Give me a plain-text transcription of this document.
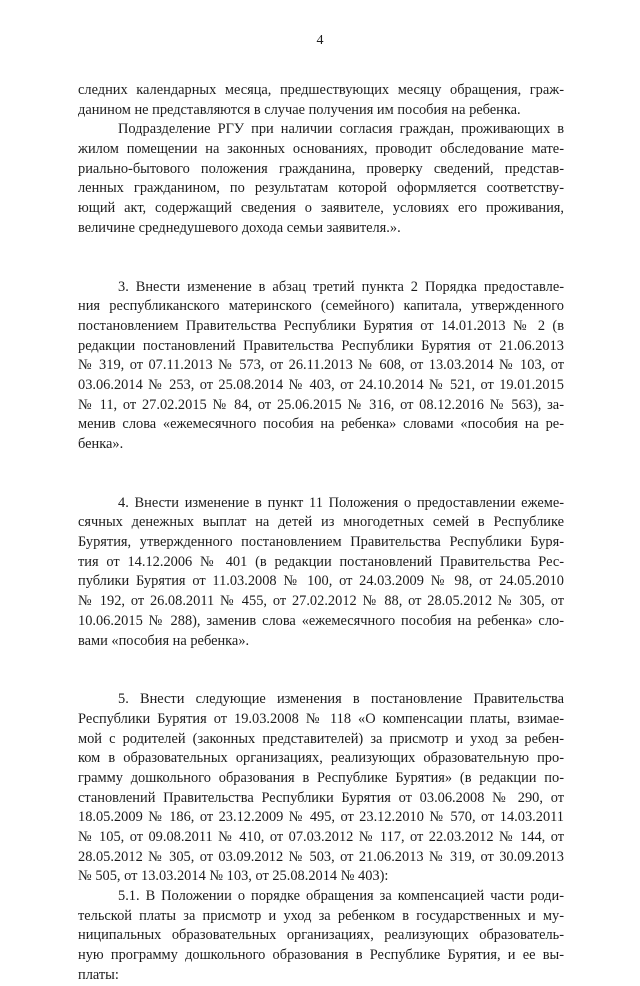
4
следних календарных месяца, предшествующих месяцу обращения, граж-
данином не представляются в случае получения им пособия на ребенка.
Подразделение РГУ при наличии согласия граждан, проживающих в
жилом помещении на законных основаниях, проводит обследование мате-
риально-бытового положения гражданина, проверку сведений, представ-
ленных гражданином, по результатам которой оформляется соответству-
ющий акт, содержащий сведения о заявителе, условиях его проживания,
величине среднедушевого дохода семьи заявителя.».
3. Внести изменение в абзац третий пункта 2 Порядка предоставле-
ния республиканского материнского (семейного) капитала, утвержденного
постановлением Правительства Республики Бурятия от 14.01.2013 № 2 (в
редакции постановлений Правительства Республики Бурятия от 21.06.2013
№ 319, от 07.11.2013 № 573, от 26.11.2013 № 608, от 13.03.2014 № 103, от
03.06.2014 № 253, от 25.08.2014 № 403, от 24.10.2014 № 521, от 19.01.2015
№ 11, от 27.02.2015 № 84, от 25.06.2015 № 316, от 08.12.2016 № 563), за-
менив слова «ежемесячного пособия на ребенка» словами «пособия на ре-
бенка».
4. Внести изменение в пункт 11 Положения о предоставлении ежеме-
сячных денежных выплат на детей из многодетных семей в Республике
Бурятия, утвержденного постановлением Правительства Республики Буря-
тия от 14.12.2006 № 401 (в редакции постановлений Правительства Рес-
публики Бурятия от 11.03.2008 № 100, от 24.03.2009 № 98, от 24.05.2010
№ 192, от 26.08.2011 № 455, от 27.02.2012 № 88, от 28.05.2012 № 305, от
10.06.2015 № 288), заменив слова «ежемесячного пособия на ребенка» сло-
вами «пособия на ребенка».
5. Внести следующие изменения в постановление Правительства
Республики Бурятия от 19.03.2008 № 118 «О компенсации платы, взимае-
мой с родителей (законных представителей) за присмотр и уход за ребен-
ком в образовательных организациях, реализующих образовательную про-
грамму дошкольного образования в Республике Бурятия» (в редакции по-
становлений Правительства Республики Бурятия от 03.06.2008 № 290, от
18.05.2009 № 186, от 23.12.2009 № 495, от 23.12.2010 № 570, от 14.03.2011
№ 105, от 09.08.2011 № 410, от 07.03.2012 № 117, от 22.03.2012 № 144, от
28.05.2012 № 305, от 03.09.2012 № 503, от 21.06.2013 № 319, от 30.09.2013
№ 505, от 13.03.2014 № 103, от 25.08.2014 № 403):
5.1. В Положении о порядке обращения за компенсацией части роди-
тельской платы за присмотр и уход за ребенком в государственных и му-
ниципальных образовательных организациях, реализующих образователь-
ную программу дошкольного образования в Республике Бурятия, и ее вы-
платы:
